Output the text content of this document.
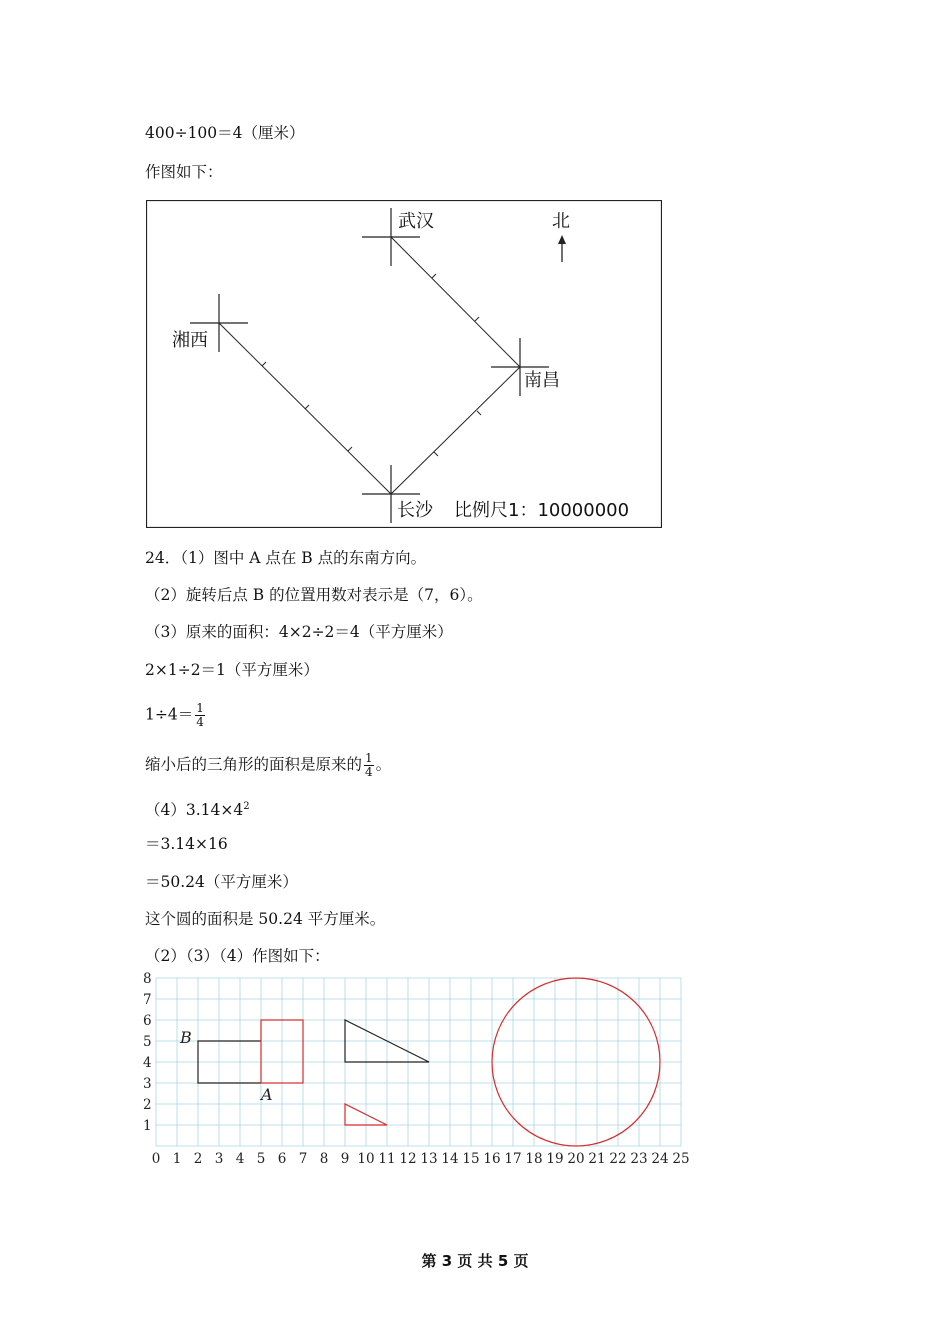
400÷100＝4（厘米）
作图如下：
武汉	北
湘西
南昌
长沙 比例尺1：10000000
24．（1）图中 A 点在 B 点的东南方向。
（2）旋转后点 B 的位置用数对表示是（7，6）。
（3）原来的面积：4×2÷2＝4（平方厘米）
2×1÷2＝1（平方厘米）
$1\div 4= \frac{1}{4}$
缩小后的三角形的面积是原来的 $\frac{1}{4}$ 。
$(4)3.14\times 4^2$
＝3.14×16
＝50.24（平方厘米）
这个圆的面积是 50.24 平方厘米。
（2）（3）（4）作图如下：
1
2
3
4
5
6
7
8
0 1 2 3 4 5 6 7 8 9 10 11 12 13 14 15 16 17 18 19 20 21 22 23 24 25
B
A
第 3 页 共 5 页
